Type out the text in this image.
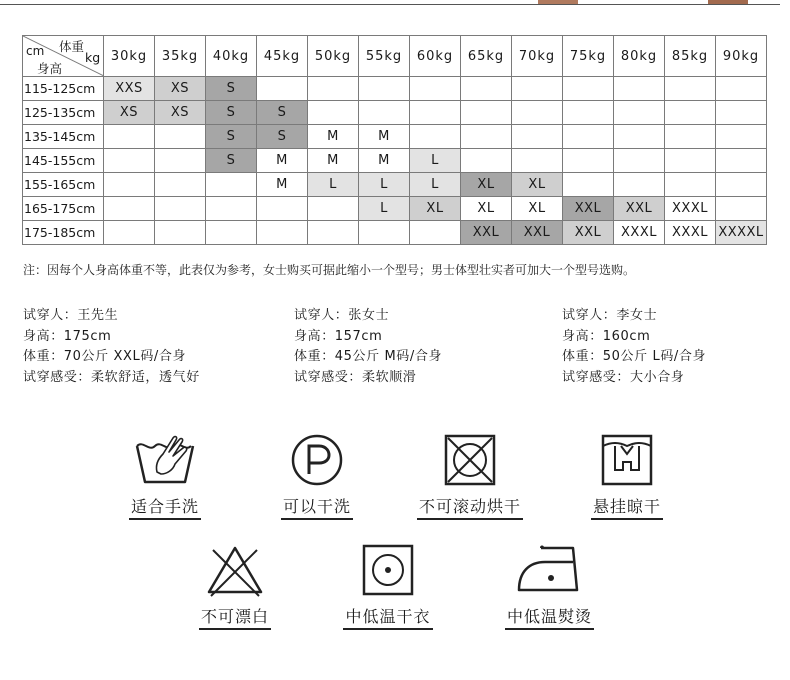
体重
cm kg
身高	30kg	35kg	40kg	45kg	50kg	55kg	60kg	65kg	70kg	75kg	80kg	85kg	90kg
115-125cm	XXS	XS	S										
125-135cm	XS	XS	S	S									
135-145cm			S	S	M	M							
145-155cm			S	M	M	M	L						
155-165cm				M	L	L	L	XL	XL				
165-175cm						L	XL	XL	XL	XXL	XXL	XXXL	
175-185cm								XXL	XXL	XXL	XXXL	XXXL	XXXXL
注：因每个人身高体重不等，此表仅为参考，女士购买可据此缩小一个型号；男士体型壮实者可加大一个型号选购。
试穿人：王先生
身高：175cm
体重：70公斤 XXL码/合身
试穿感受：柔软舒适，透气好
试穿人：张女士
身高：157cm
体重：45公斤 M码/合身
试穿感受：柔软顺滑
试穿人：李女士
身高：160cm
体重：50公斤 L码/合身
试穿感受：大小合身
适合手洗	可以干洗	不可滚动烘干	悬挂晾干
不可漂白	中低温干衣	中低温熨烫
